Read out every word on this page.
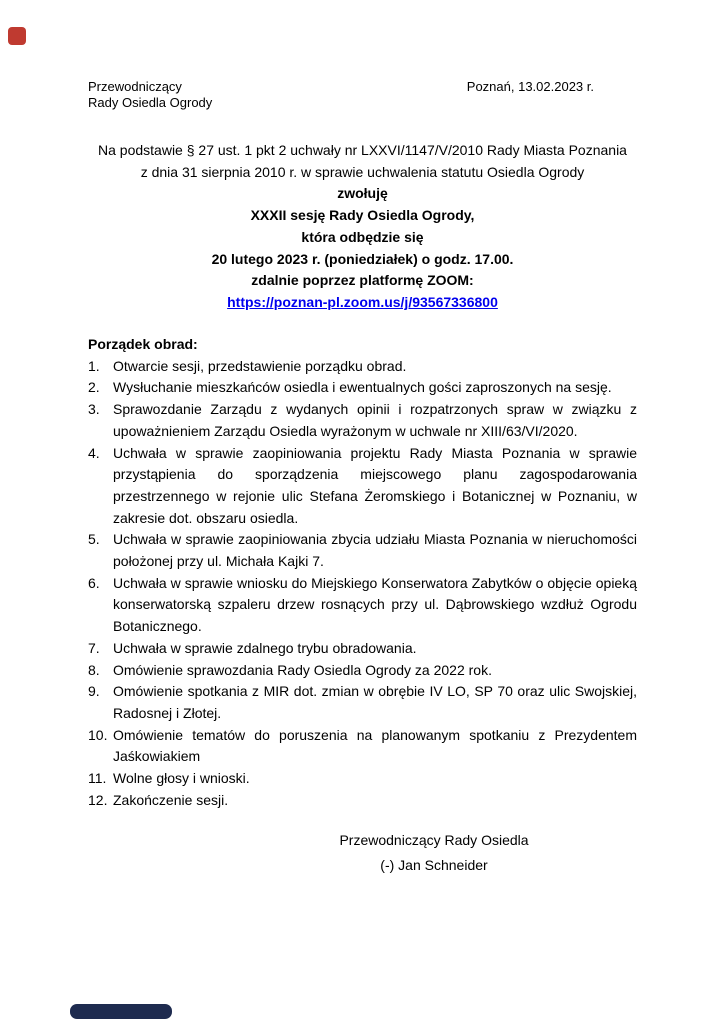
Przewodniczący
Rady Osiedla Ogrody
Poznań, 13.02.2023 r.
Na podstawie § 27 ust. 1 pkt 2 uchwały nr LXXVI/1147/V/2010 Rady Miasta Poznania
z dnia 31 sierpnia 2010 r. w sprawie uchwalenia statutu Osiedla Ogrody
zwołuję
XXXII sesję Rady Osiedla Ogrody,
która odbędzie się
20 lutego 2023 r. (poniedziałek) o godz. 17.00.
zdalnie poprzez platformę ZOOM:
https://poznan-pl.zoom.us/j/93567336800
Porządek obrad:
1. Otwarcie sesji, przedstawienie porządku obrad.
2. Wysłuchanie mieszkańców osiedla i ewentualnych gości zaproszonych na sesję.
3. Sprawozdanie Zarządu z wydanych opinii i rozpatrzonych spraw w związku z upoważnieniem Zarządu Osiedla wyrażonym w uchwale nr XIII/63/VI/2020.
4. Uchwała w sprawie zaopiniowania projektu Rady Miasta Poznania w sprawie przystąpienia do sporządzenia miejscowego planu zagospodarowania przestrzennego w rejonie ulic Stefana Żeromskiego i Botanicznej w Poznaniu, w zakresie dot. obszaru osiedla.
5. Uchwała w sprawie zaopiniowania zbycia udziału Miasta Poznania w nieruchomości położonej przy ul. Michała Kajki 7.
6. Uchwała w sprawie wniosku do Miejskiego Konserwatora Zabytków o objęcie opieką konserwatorską szpaleru drzew rosnących przy ul. Dąbrowskiego wzdłuż Ogrodu Botanicznego.
7. Uchwała w sprawie zdalnego trybu obradowania.
8. Omówienie sprawozdania Rady Osiedla Ogrody za 2022 rok.
9. Omówienie spotkania z MIR dot. zmian w obrębie IV LO, SP 70 oraz ulic Swojskiej, Radosnej i Złotej.
10. Omówienie tematów do poruszenia na planowanym spotkaniu z Prezydentem Jaśkowiakiem
11. Wolne głosy i wnioski.
12. Zakończenie sesji.
Przewodniczący Rady Osiedla
(-) Jan Schneider
